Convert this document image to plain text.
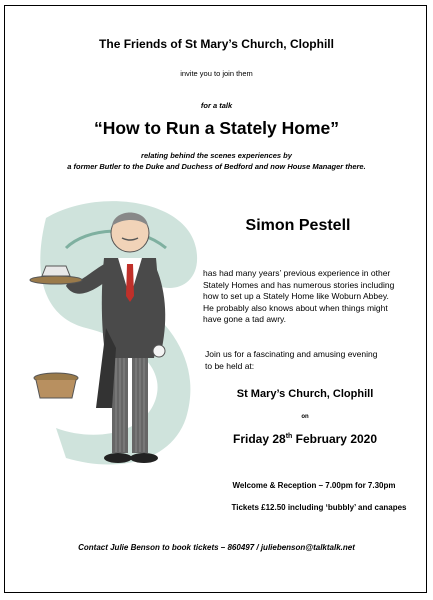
The Friends of St Mary’s Church, Clophill
invite you to join them
for a talk
“How to Run a Stately Home”
relating behind the scenes experiences by
a former Butler to the Duke and Duchess of Bedford and now House Manager there.
Simon Pestell
has had many years’ previous experience in other
Stately Homes and has numerous stories including
how to set up a Stately Home like Woburn Abbey.
He probably also knows about when things might
have gone a tad awry.
Join us for a fascinating and amusing evening
to be held at:
St Mary’s Church, Clophill
on
Friday 28th February 2020
Welcome & Reception – 7.00pm for 7.30pm
Tickets £12.50 including ‘bubbly’ and canapes
Contact Julie Benson to book tickets – 860497 / juliebenson@talktalk.net
